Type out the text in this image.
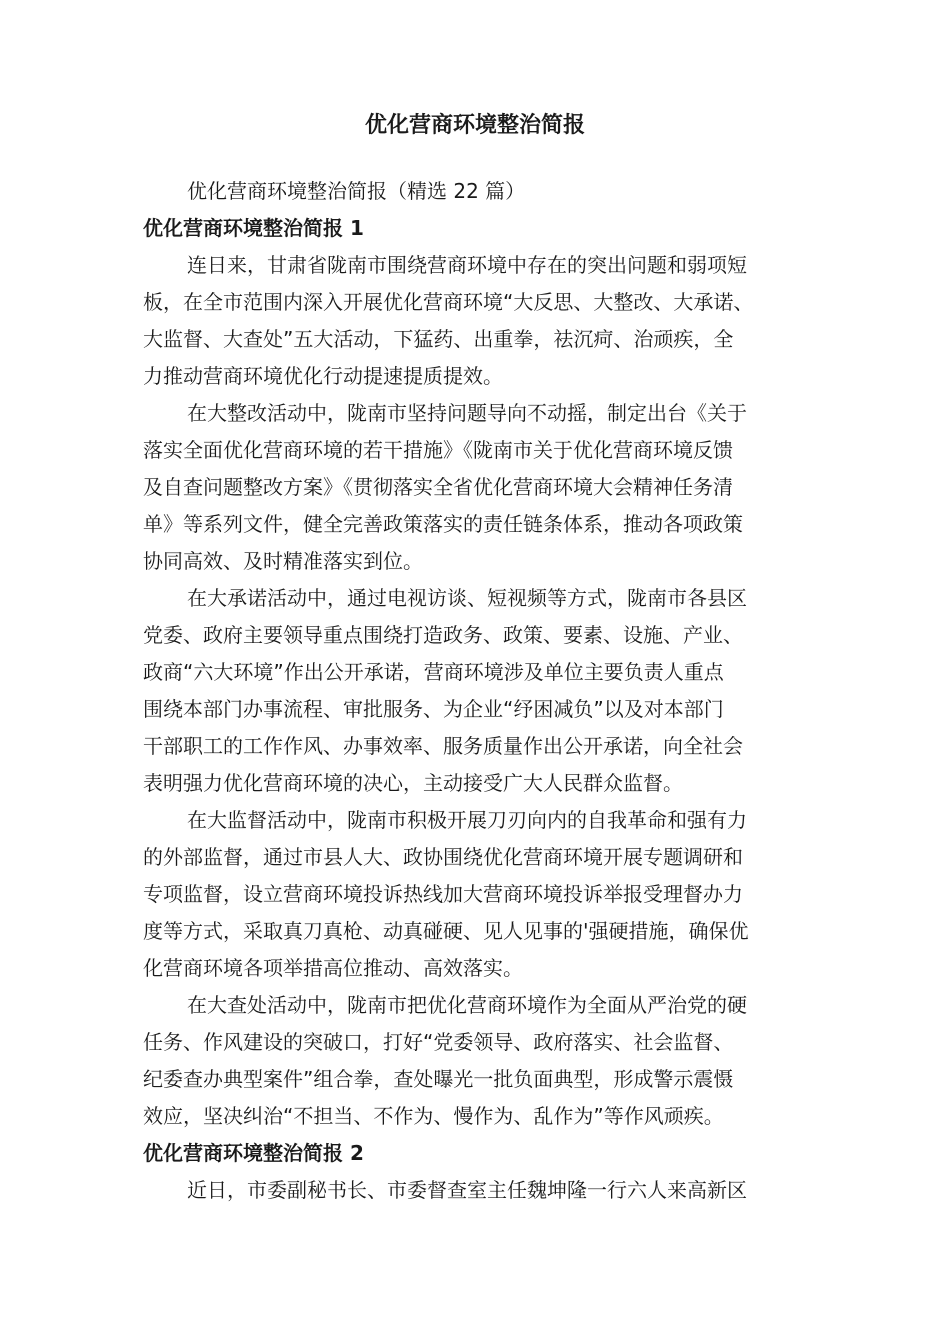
优化营商环境整治简报
优化营商环境整治简报（精选 22 篇）
优化营商环境整治简报 1
连日来，甘肃省陇南市围绕营商环境中存在的突出问题和弱项短
板，在全市范围内深入开展优化营商环境“大反思、大整改、大承诺、
大监督、大查处”五大活动，下猛药、出重拳，祛沉疴、治顽疾，全
力推动营商环境优化行动提速提质提效。
在大整改活动中，陇南市坚持问题导向不动摇，制定出台《关于
落实全面优化营商环境的若干措施》《陇南市关于优化营商环境反馈
及自查问题整改方案》《贯彻落实全省优化营商环境大会精神任务清
单》等系列文件，健全完善政策落实的责任链条体系，推动各项政策
协同高效、及时精准落实到位。
在大承诺活动中，通过电视访谈、短视频等方式，陇南市各县区
党委、政府主要领导重点围绕打造政务、政策、要素、设施、产业、
政商“六大环境”作出公开承诺，营商环境涉及单位主要负责人重点
围绕本部门办事流程、审批服务、为企业“纾困减负”以及对本部门
干部职工的工作作风、办事效率、服务质量作出公开承诺，向全社会
表明强力优化营商环境的决心，主动接受广大人民群众监督。
在大监督活动中，陇南市积极开展刀刃向内的自我革命和强有力
的外部监督，通过市县人大、政协围绕优化营商环境开展专题调研和
专项监督，设立营商环境投诉热线加大营商环境投诉举报受理督办力
度等方式，采取真刀真枪、动真碰硬、见人见事的'强硬措施，确保优
化营商环境各项举措高位推动、高效落实。
在大查处活动中，陇南市把优化营商环境作为全面从严治党的硬
任务、作风建设的突破口，打好“党委领导、政府落实、社会监督、
纪委查办典型案件”组合拳，查处曝光一批负面典型，形成警示震慑
效应，坚决纠治“不担当、不作为、慢作为、乱作为”等作风顽疾。
优化营商环境整治简报 2
近日，市委副秘书长、市委督查室主任魏坤隆一行六人来高新区
